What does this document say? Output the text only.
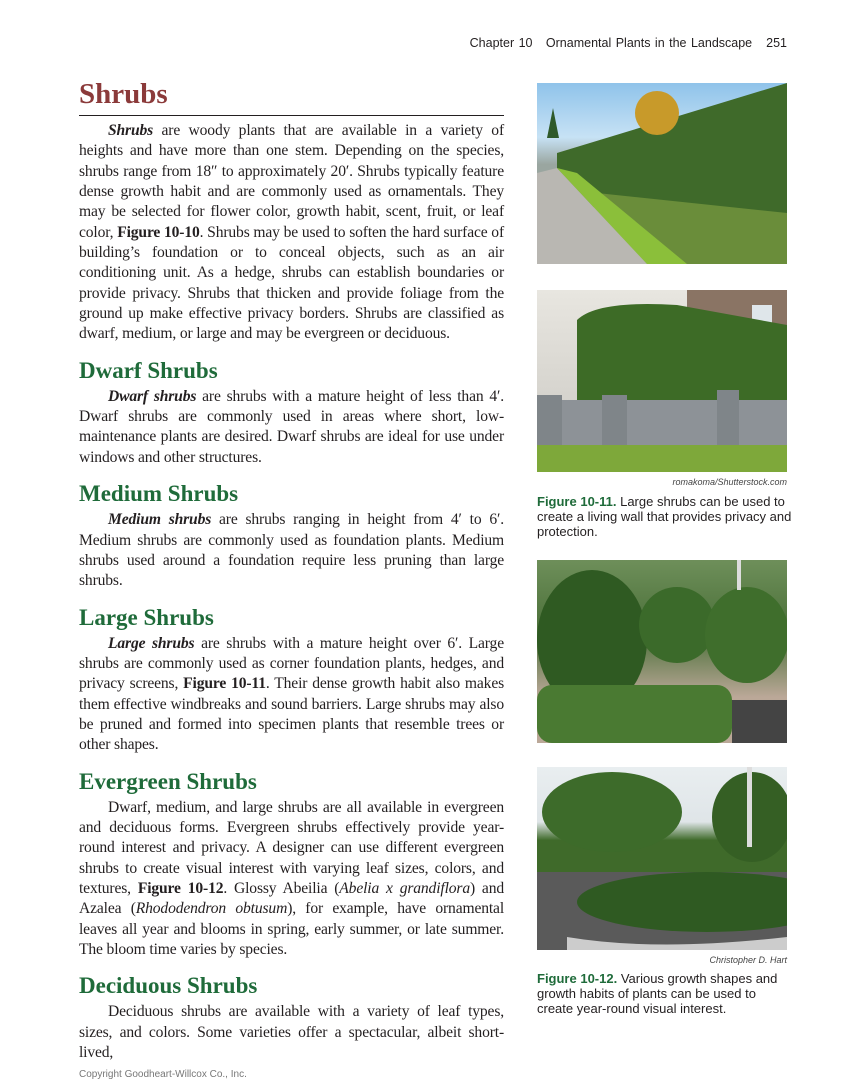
Chapter 10 Ornamental Plants in the Landscape 251
Shrubs

Shrubs are woody plants that are available in a variety of heights and have more than one stem. Depending on the species, shrubs range from 18″ to approximately 20′. Shrubs typically feature dense growth habit and are commonly used as ornamentals. They may be selected for flower color, growth habit, scent, fruit, or leaf color, Figure 10-10. Shrubs may be used to soften the hard surface of building’s foundation or to conceal objects, such as an air conditioning unit. As a hedge, shrubs can establish boundaries or provide privacy. Shrubs that thicken and provide foliage from the ground up make effective privacy borders. Shrubs are classified as dwarf, medium, or large and may be evergreen or deciduous.

Dwarf Shrubs

Dwarf shrubs are shrubs with a mature height of less than 4′. Dwarf shrubs are commonly used in areas where short, low-maintenance plants are desired. Dwarf shrubs are ideal for use under windows and other structures.

Medium Shrubs

Medium shrubs are shrubs ranging in height from 4′ to 6′. Medium shrubs are commonly used as foundation plants. Medium shrubs used around a foundation require less pruning than large shrubs.

Large Shrubs

Large shrubs are shrubs with a mature height over 6′. Large shrubs are commonly used as corner foundation plants, hedges, and privacy screens, Figure 10-11. Their dense growth habit also makes them effective windbreaks and sound barriers. Large shrubs may also be pruned and formed into specimen plants that resemble trees or other shapes.

Evergreen Shrubs

Dwarf, medium, and large shrubs are all available in evergreen and deciduous forms. Evergreen shrubs effectively provide year-round interest and privacy. A designer can use different evergreen shrubs to create visual interest with varying leaf sizes, colors, and textures, Figure 10-12. Glossy Abeilia (Abelia x grandiflora) and Azalea (Rhododendron obtusum), for example, have ornamental leaves all year and blooms in spring, early summer, or late summer. The bloom time varies by species.

Deciduous Shrubs

Deciduous shrubs are available with a variety of leaf types, sizes, and colors. Some varieties offer a spectacular, albeit short-lived,

romakoma/Shutterstock.com
Figure 10-11. Large shrubs can be used to create a living wall that provides privacy and protection.
Christopher D. Hart
Figure 10-12. Various growth shapes and growth habits of plants can be used to create year-round visual interest.
Copyright Goodheart-Willcox Co., Inc.
